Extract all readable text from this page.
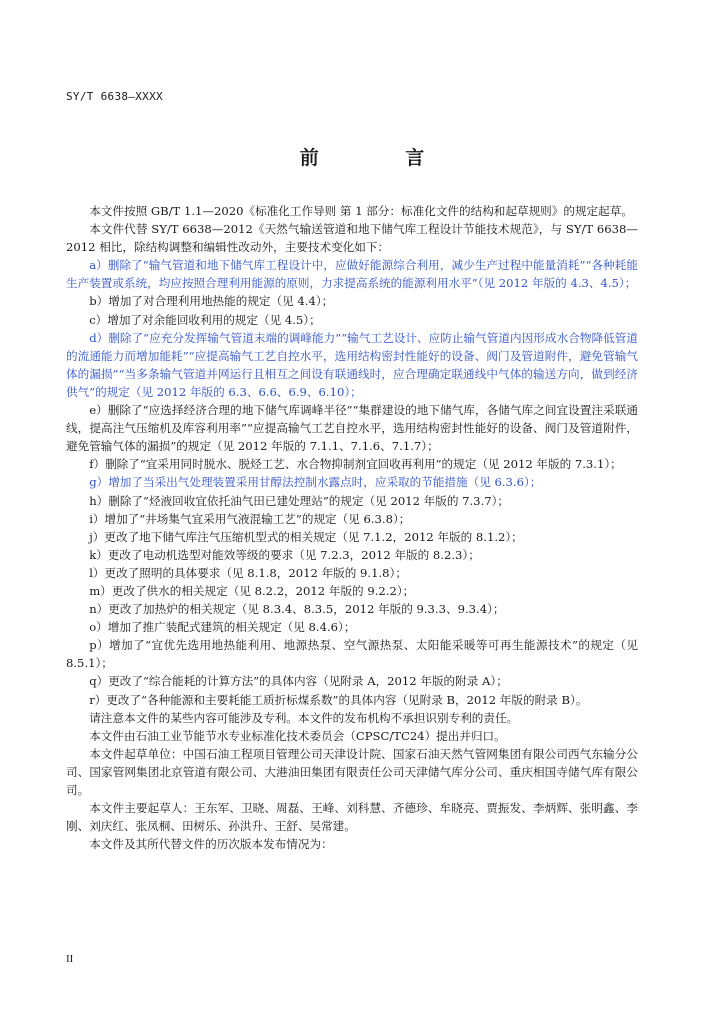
SY/T 6638—XXXX
前 言

本文件按照 GB/T 1.1—2020《标准化工作导则 第 1 部分：标准化文件的结构和起草规则》的规定起草。

本文件代替 SY/T 6638—2012《天然气输送管道和地下储气库工程设计节能技术规范》，与 SY/T 6638—2012 相比，除结构调整和编辑性改动外，主要技术变化如下：

a）删除了“输气管道和地下储气库工程设计中，应做好能源综合利用，减少生产过程中能量消耗”“各种耗能生产装置或系统，均应按照合理利用能源的原则，力求提高系统的能源利用水平”（见 2012 年版的 4.3、4.5）；

b）增加了对合理利用地热能的规定（见 4.4）；

c）增加了对余能回收利用的规定（见 4.5）；

d）删除了“应充分发挥输气管道末端的调峰能力”“输气工艺设计、应防止输气管道内因形成水合物降低管道的流通能力而增加能耗”“应提高输气工艺自控水平，选用结构密封性能好的设备、阀门及管道附件，避免管输气体的漏损”“当多条输气管道并网运行且相互之间设有联通线时，应合理确定联通线中气体的输送方向，做到经济供气”的规定（见 2012 年版的 6.3、6.6、6.9、6.10）；

e）删除了“应选择经济合理的地下储气库调峰半径”“集群建设的地下储气库，各储气库之间宜设置注采联通线，提高注气压缩机及库容利用率”“应提高输气工艺自控水平，选用结构密封性能好的设备、阀门及管道附件，避免管输气体的漏损”的规定（见 2012 年版的 7.1.1、7.1.6、7.1.7）；

f）删除了“宜采用同时脱水、脱烃工艺、水合物抑制剂宜回收再利用”的规定（见 2012 年版的 7.3.1）；

g）增加了当采出气处理装置采用甘醇法控制水露点时，应采取的节能措施（见 6.3.6）；

h）删除了“烃液回收宜依托油气田已建处理站”的规定（见 2012 年版的 7.3.7）；

i）增加了“井场集气宜采用气液混输工艺”的规定（见 6.3.8）；

j）更改了地下储气库注气压缩机型式的相关规定（见 7.1.2，2012 年版的 8.1.2）；

k）更改了电动机选型对能效等级的要求（见 7.2.3，2012 年版的 8.2.3）；

l）更改了照明的具体要求（见 8.1.8，2012 年版的 9.1.8）；

m）更改了供水的相关规定（见 8.2.2，2012 年版的 9.2.2）；

n）更改了加热炉的相关规定（见 8.3.4、8.3.5，2012 年版的 9.3.3、9.3.4）；

o）增加了推广装配式建筑的相关规定（见 8.4.6）；

p）增加了“宜优先选用地热能利用、地源热泵、空气源热泵、太阳能采暖等可再生能源技术”的规定（见 8.5.1）；

q）更改了“综合能耗的计算方法”的具体内容（见附录 A，2012 年版的附录 A）；

r）更改了“各种能源和主要耗能工质折标煤系数”的具体内容（见附录 B，2012 年版的附录 B）。

请注意本文件的某些内容可能涉及专利。本文件的发布机构不承担识别专利的责任。

本文件由石油工业节能节水专业标准化技术委员会（CPSC/TC24）提出并归口。

本文件起草单位：中国石油工程项目管理公司天津设计院、国家石油天然气管网集团有限公司西气东输分公司、国家管网集团北京管道有限公司、大港油田集团有限责任公司天津储气库分公司、重庆相国寺储气库有限公司。

本文件主要起草人：王东军、卫晓、周磊、王峰、刘科慧、齐德珍、牟晓亮、贾振发、李炳辉、张明鑫、李刚、刘庆红、张凤桐、田树乐、孙洪升、王舒、吴常建。

本文件及其所代替文件的历次版本发布情况为：

II
